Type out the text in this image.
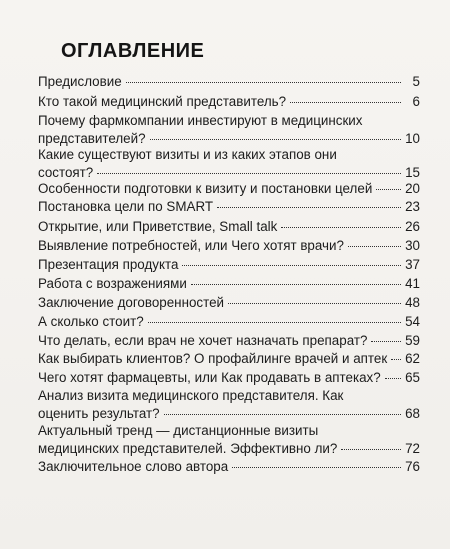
ОГЛАВЛЕНИЕ
Предисловие	5
Кто такой медицинский представитель?	6
Почему фармкомпании инвестируют в медицинских
представителей?	10
Какие существуют визиты и из каких этапов они
состоят?	15
Особенности подготовки к визиту и постановки целей 20
Постановка цели по SMART	23
Открытие, или Приветствие, Small talk	26
Выявление потребностей, или Чего хотят врачи?	30
Презентация продукта	37
Работа с возражениями	41
Заключение договоренностей	48
А сколько стоит?	54
Что делать, если врач не хочет назначать препарат?	59
Как выбирать клиентов? О профайлинге врачей и аптек 62
Чего хотят фармацевты, или Как продавать в аптеках? 65
Анализ визита медицинского представителя. Как
оценить результат?	68
Актуальный тренд — дистанционные визиты
медицинских представителей. Эффективно ли?	72
Заключительное слово автора	76
